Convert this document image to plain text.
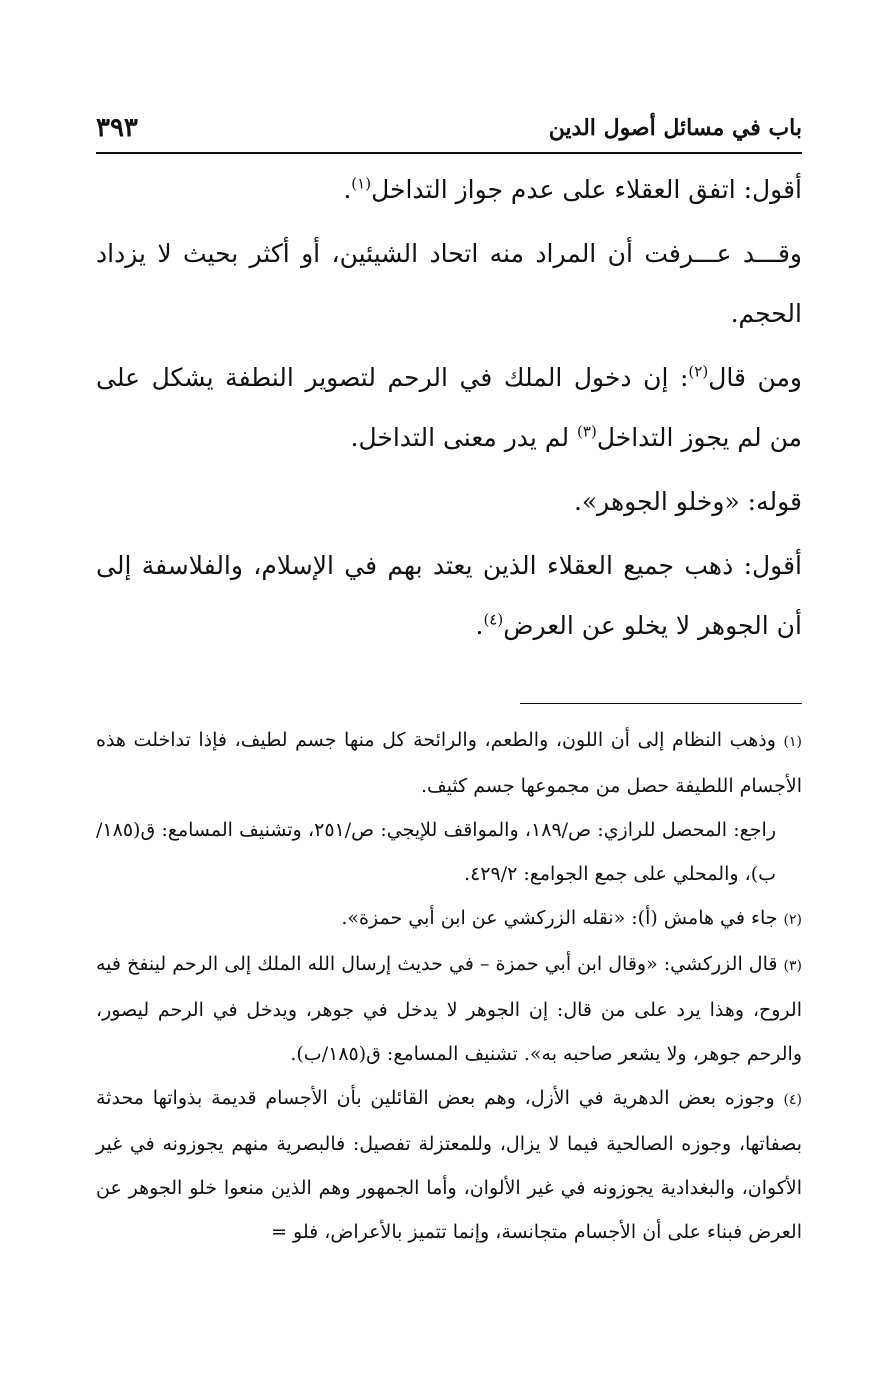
باب في مسائل أصول الدين
٣٩٣

أقول: اتفق العقلاء على عدم جواز التداخل$^{(١)}$.

وقـــد عـــرفت أن المراد منه اتحاد الشيئين، أو أكثر بحيث لا يزداد الحجم.

ومن قال$^{(٢)}$: إن دخول الملك في الرحم لتصوير النطفة يشكل على من لم يجوز التداخل$^{(٣)}$ لم يدر معنى التداخل.

قوله: «وخلو الجوهر».

أقول: ذهب جميع العقلاء الذين يعتد بهم في الإسلام، والفلاسفة إلى أن الجوهر لا يخلو عن العرض$^{(٤)}$.

(١) وذهب النظام إلى أن اللون، والطعم، والرائحة كل منها جسم لطيف، فإذا تداخلت هذه الأجسام اللطيفة حصل من مجموعها جسم كثيف.

راجع: المحصل للرازي: ص/١٨٩، والمواقف للإيجي: ص/٢٥١، وتشنيف المسامع: ق(١٨٥/ب)، والمحلي على جمع الجوامع: ٤٢٩/٢.

(٢) جاء في هامش (أ): «نقله الزركشي عن ابن أبي حمزة».

(٣) قال الزركشي: «وقال ابن أبي حمزة – في حديث إرسال الله الملك إلى الرحم لينفخ فيه الروح، وهذا يرد على من قال: إن الجوهر لا يدخل في جوهر، ويدخل في الرحم ليصور، والرحم جوهر، ولا يشعر صاحبه به». تشنيف المسامع: ق(١٨٥/ب).

(٤) وجوزه بعض الدهرية في الأزل، وهم بعض القائلين بأن الأجسام قديمة بذواتها محدثة بصفاتها، وجوزه الصالحية فيما لا يزال، وللمعتزلة تفصيل: فالبصرية منهم يجوزونه في غير الأكوان، والبغدادية يجوزونه في غير الألوان، وأما الجمهور وهم الذين منعوا خلو الجوهر عن العرض فبناء على أن الأجسام متجانسة، وإنما تتميز بالأعراض، فلو =
